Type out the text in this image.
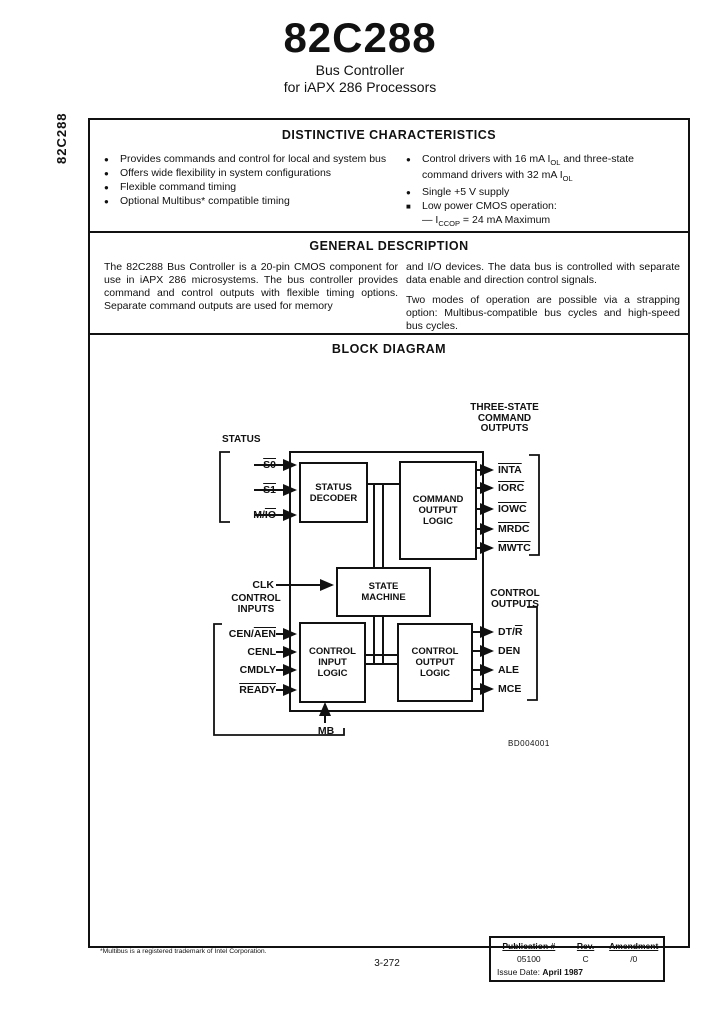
82C288
Bus Controller
for iAPX 286 Processors
82C288	DISTINCTIVE CHARACTERISTICS
●	Provides commands and control for local and system bus
●	Offers wide flexibility in system configurations
●	Flexible command timing
●	Optional Multibus* compatible timing
●	Control drivers with 16 mA $I_{OL}$ and three-state command drivers with 32 mA $I_{OL}$
●	Single +5 V supply
■	Low power CMOS operation:
— $I_{CCOP} = 24$ mA Maximum
GENERAL DESCRIPTION
The 82C288 Bus Controller is a 20-pin CMOS component for use in iAPX 286 microsystems. The bus controller provides command and control outputs with flexible timing options. Separate command outputs are used for memory
and I/O devices. The data bus is controlled with separate data enable and direction control signals.
Two modes of operation are possible via a strapping option: Multibus-compatible bus cycles and high-speed bus cycles.
BLOCK DIAGRAM
THREE-STATE
COMMAND
OUTPUTS
STATUS
CONTROL
INPUTS
CONTROL
OUTPUTS
STATUS
DECODER	COMMAND
OUTPUT
LOGIC
STATE
MACHINE
CONTROL
INPUT
LOGIC
CONTROL
OUTPUT
LOGIC
S0
S1
$M/\overline{IO}$
CLK
CEN/$\overline{AEN}$
CENL
CMDLY
READY
MB
INTA
IORC
IOWC
MRDC
MWTC
$DT/\overline{R}$
DEN
ALE
MCE
BD004001
*Multibus is a registered trademark of Intel Corporation.
3-272
Publication #	Rev.	Amendment
05100	C	/0
Issue Date: April 1987
